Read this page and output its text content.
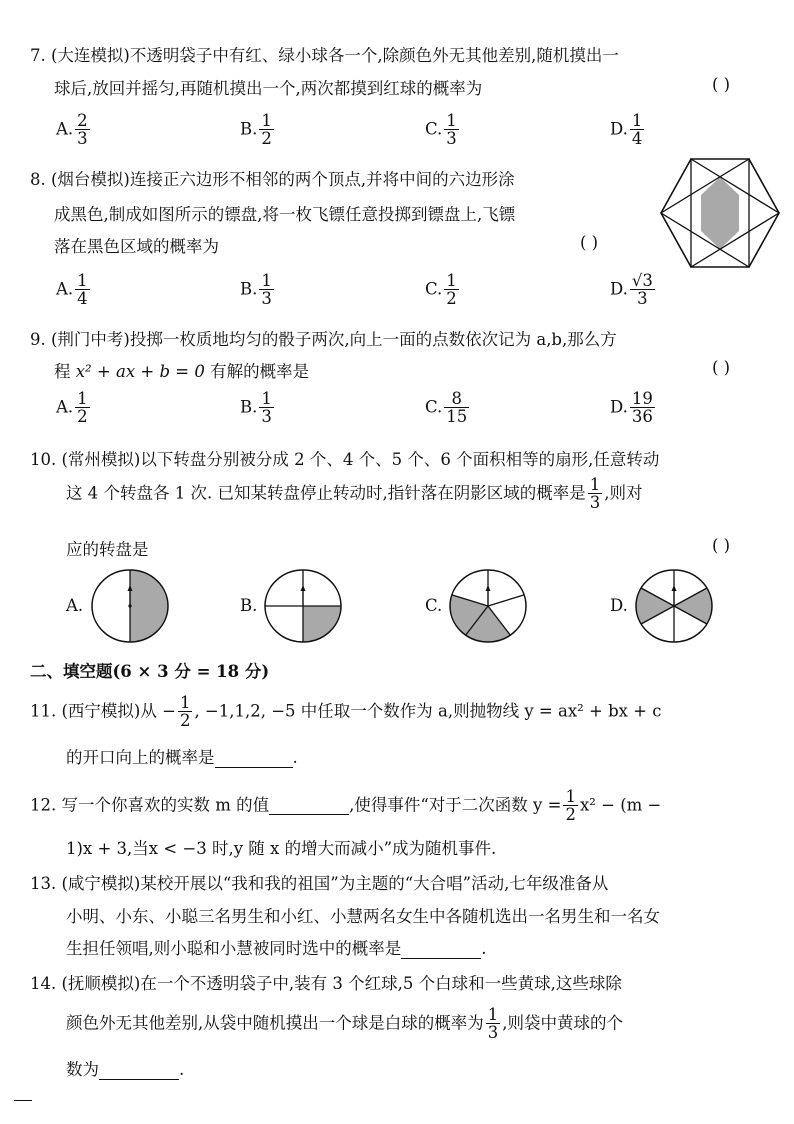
7. (大连模拟)不透明袋子中有红、绿小球各一个,除颜色外无其他差别,随机摸出一
球后,放回并摇匀,再随机摸出一个,两次都摸到红球的概率为	( )
A. $\frac{2}{3}$	B. $\frac{1}{2}$	C. $\frac{1}{3}$	D. $\frac{1}{4}$
8. (烟台模拟)连接正六边形不相邻的两个顶点,并将中间的六边形涂
成黑色,制成如图所示的镖盘,将一枚飞镖任意投掷到镖盘上,飞镖
落在黑色区域的概率为	( )
A. $\frac{1}{4}$	B. $\frac{1}{3}$	C. $\frac{1}{2}$	D. $\frac{√3}{3}$
9. (荆门中考)投掷一枚质地均匀的骰子两次,向上一面的点数依次记为 a,b,那么方
程 x² + ax + b = 0 有解的概率是	( )
A. $\frac{1}{2}$	B. $\frac{1}{3}$	C. $\frac{8}{15}$	D. $\frac{19}{36}$
10. (常州模拟)以下转盘分别被分成 2 个、4 个、5 个、6 个面积相等的扇形,任意转动
这 4 个转盘各 1 次. 已知某转盘停止转动时,指针落在阴影区域的概率是 $\frac{1}{3}$ ,则对
应的转盘是	( )
A.	B.	C.	D.
二、填空题(6 × 3 分 = 18 分)
11. (西宁模拟)从 − $\frac{1}{2}$ , −1,1,2, −5 中任取一个数作为 a,则抛物线 y = ax² + bx + c
的开口向上的概率是	.
12. 写一个你喜欢的实数 m 的值	,使得事件“对于二次函数 $y = \frac{1}{2} x^2 - (m$ −
1)x + 3,当x < −3 时,y 随 x 的增大而减小”成为随机事件.
13. (咸宁模拟)某校开展以“我和我的祖国”为主题的“大合唱”活动,七年级准备从
小明、小东、小聪三名男生和小红、小慧两名女生中各随机选出一名男生和一名女
生担任领唱,则小聪和小慧被同时选中的概率是	.
14. (抚顺模拟)在一个不透明袋子中,装有 3 个红球,5 个白球和一些黄球,这些球除
颜色外无其他差别,从袋中随机摸出一个球是白球的概率为 $\frac{1}{3}$ ,则袋中黄球的个
数为	.
